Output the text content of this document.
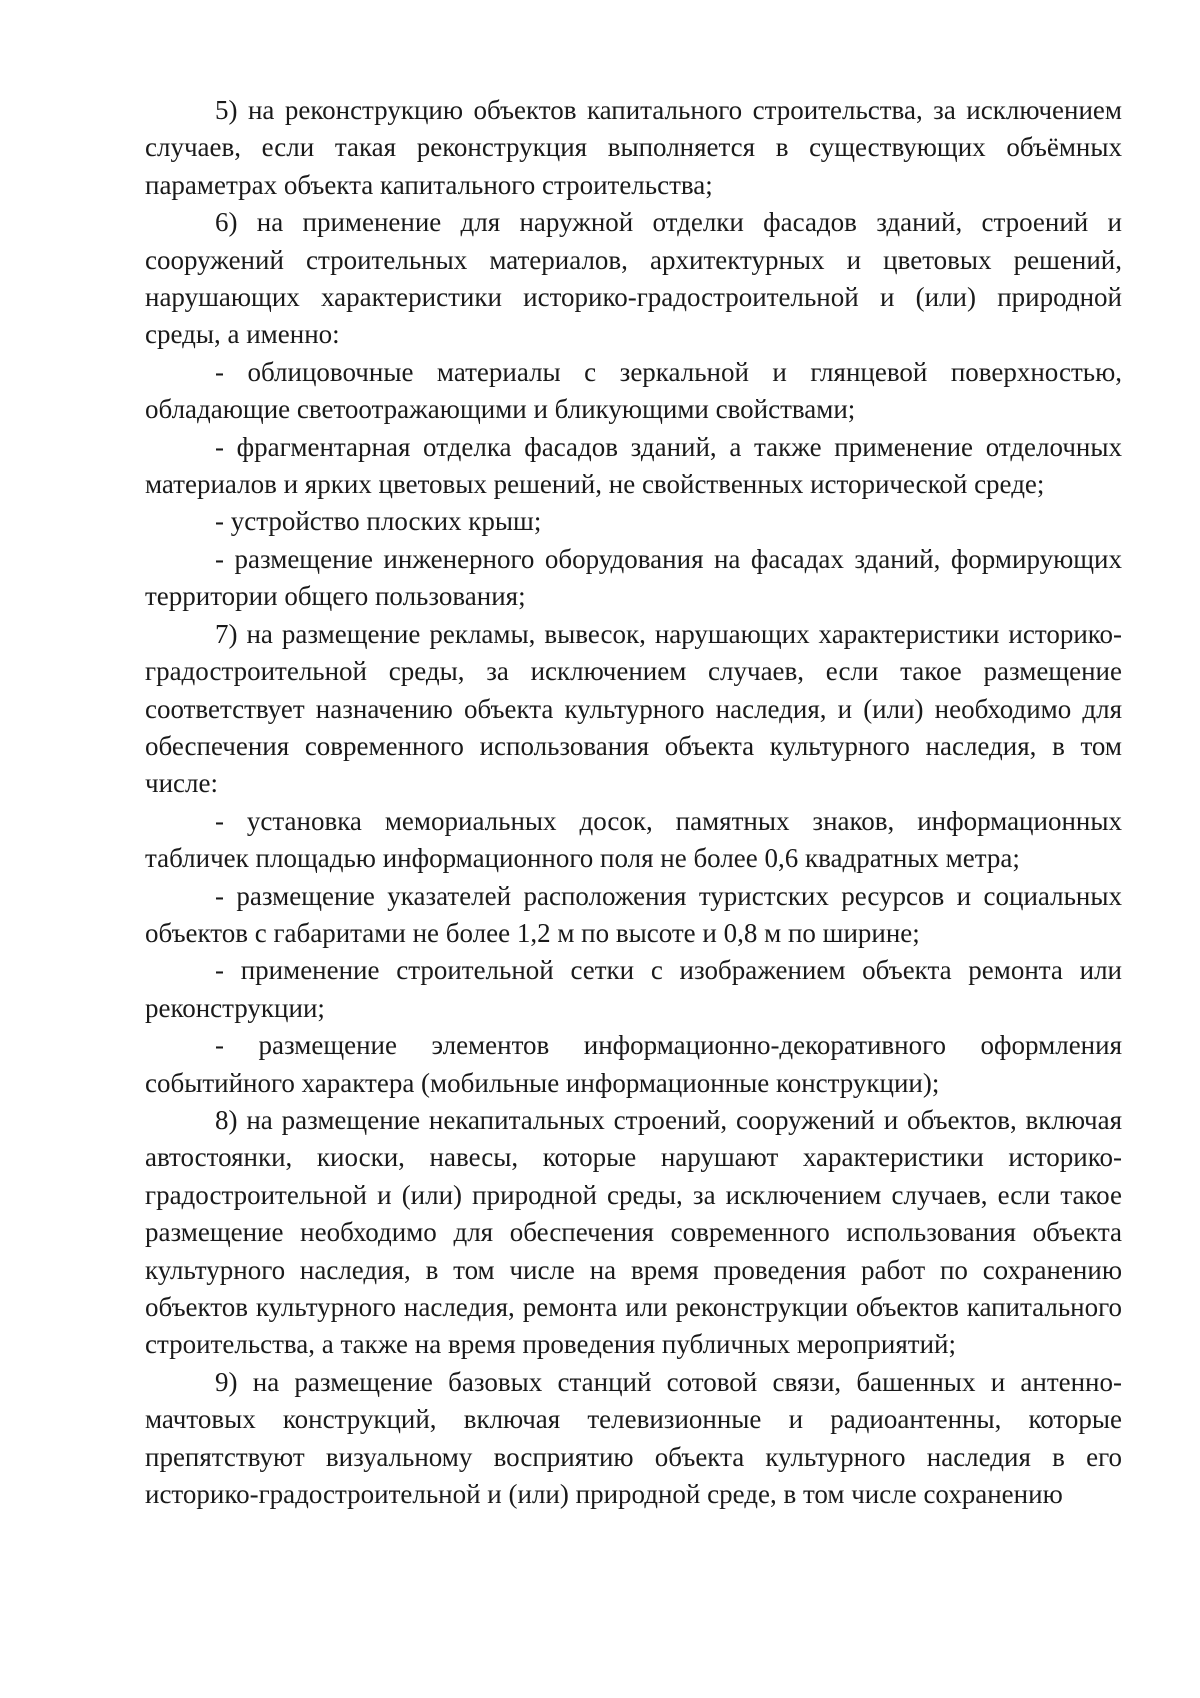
5) на реконструкцию объектов капитального строительства, за исключением случаев, если такая реконструкция выполняется в существующих объёмных параметрах объекта капитального строительства;

6) на применение для наружной отделки фасадов зданий, строений и сооружений строительных материалов, архитектурных и цветовых решений, нарушающих характеристики историко-градостроительной и (или) природной среды, а именно:

- облицовочные материалы с зеркальной и глянцевой поверхностью, обладающие светоотражающими и бликующими свойствами;

- фрагментарная отделка фасадов зданий, а также применение отделочных материалов и ярких цветовых решений, не свойственных исторической среде;

- устройство плоских крыш;

- размещение инженерного оборудования на фасадах зданий, формирующих территории общего пользования;

7) на размещение рекламы, вывесок, нарушающих характеристики историко-градостроительной среды, за исключением случаев, если такое размещение соответствует назначению объекта культурного наследия, и (или) необходимо для обеспечения современного использования объекта культурного наследия, в том числе:

- установка мемориальных досок, памятных знаков, информационных табличек площадью информационного поля не более 0,6 квадратных метра;

- размещение указателей расположения туристских ресурсов и социальных объектов с габаритами не более 1,2 м по высоте и 0,8 м по ширине;

- применение строительной сетки с изображением объекта ремонта или реконструкции;

- размещение элементов информационно-декоративного оформления событийного характера (мобильные информационные конструкции);

8) на размещение некапитальных строений, сооружений и объектов, включая автостоянки, киоски, навесы, которые нарушают характеристики историко-градостроительной и (или) природной среды, за исключением случаев, если такое размещение необходимо для обеспечения современного использования объекта культурного наследия, в том числе на время проведения работ по сохранению объектов культурного наследия, ремонта или реконструкции объектов капитального строительства, а также на время проведения публичных мероприятий;

9) на размещение базовых станций сотовой связи, башенных и антенно-мачтовых конструкций, включая телевизионные и радиоантенны, которые препятствуют визуальному восприятию объекта культурного наследия в его историко-градостроительной и (или) природной среде, в том числе сохранению
